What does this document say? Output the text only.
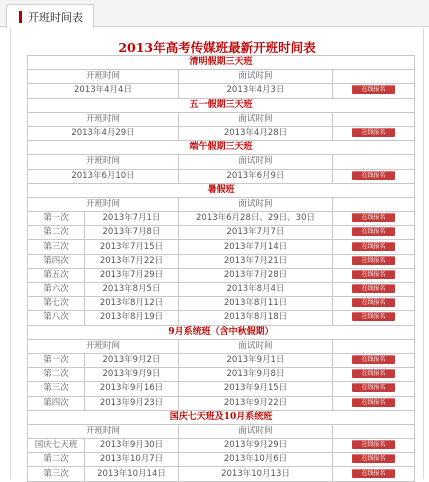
开班时间表
2013年高考传媒班最新开班时间表
清明假期三天班			
开班时间		面试时间	
2013年4月4日		2013年4月3日	在线报名
五一假期三天班			
开班时间		面试时间	
2013年4月29日		2013年4月28日	在线报名
端午假期三天班			
开班时间		面试时间	
2013年6月10日		2013年6月9日	在线报名
暑假班			
开班时间		面试时间	
第一次	2013年7月1日	2013年6月28日、29日、30日	在线报名
第二次	2013年7月8日	2013年7月7日	在线报名
第三次	2013年7月15日	2013年7月14日	在线报名
第四次	2013年7月22日	2013年7月21日	在线报名
第五次	2013年7月29日	2013年7月28日	在线报名
第六次	2013年8月5日	2013年8月4日	在线报名
第七次	2013年8月12日	2013年8月11日	在线报名
第八次	2013年8月19日	2013年8月18日	在线报名
9月系统班（含中秋假期）			
开班时间		面试时间	
第一次	2013年9月2日	2013年9月1日	在线报名
第二次	2013年9月9日	2013年9月8日	在线报名
第三次	2013年9月16日	2013年9月15日	在线报名
第四次	2013年9月23日	2013年9月22日	在线报名
国庆七天班及10月系统班			
开班时间		面试时间	
国庆七天班	2013年9月30日	2013年9月29日	在线报名
第二次	2013年10月7日	2013年10月6日	在线报名
第三次	2013年10月14日	2013年10月13日	在线报名
